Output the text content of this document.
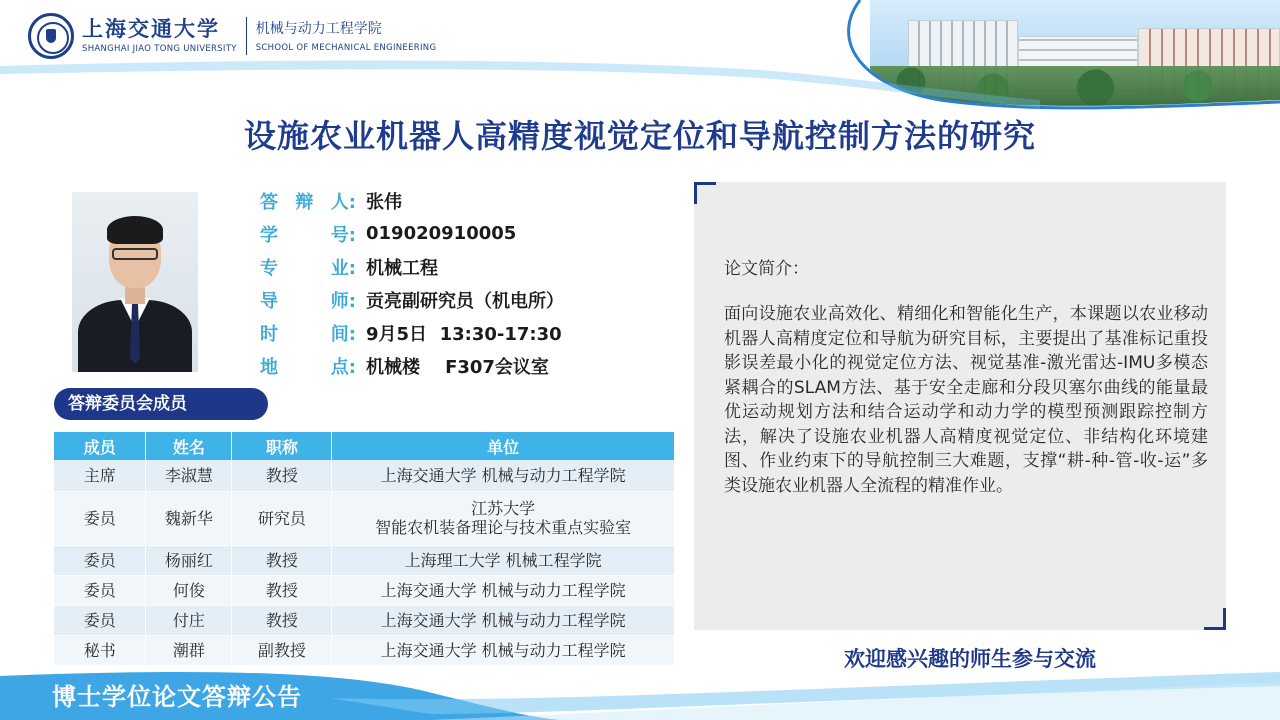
上海交通大学
SHANGHAI JIAO TONG UNIVERSITY
机械与动力工程学院
SCHOOL OF MECHANICAL ENGINEERING
设施农业机器人高精度视觉定位和导航控制方法的研究
答 辩 人: 张伟
学	号: 019020910005
专	业: 机械工程
导	师: 贡亮副研究员（机电所）
时	间: 9月5日  13:30-17:30
地	点: 机械楼    F307会议室
答辩委员会成员
成员	姓名	职称	单位
主席	李淑慧	教授	上海交通大学 机械与动力工程学院
委员	魏新华	研究员	江苏大学
智能农机装备理论与技术重点实验室

委员	杨丽红	教授	上海理工大学 机械工程学院
委员	何俊	教授	上海交通大学 机械与动力工程学院
委员	付庄	教授	上海交通大学 机械与动力工程学院
秘书	潮群	副教授	上海交通大学 机械与动力工程学院
论文简介：
面向设施农业高效化、精细化和智能化生产，本课题以农业移动机器人高精度定位和导航为研究目标，主要提出了基准标记重投影误差最小化的视觉定位方法、视觉基准-激光雷达-IMU多模态紧耦合的SLAM方法、基于安全走廊和分段贝塞尔曲线的能量最优运动规划方法和结合运动学和动力学的模型预测跟踪控制方法，解决了设施农业机器人高精度视觉定位、非结构化环境建图、作业约束下的导航控制三大难题，支撑“耕-种-管-收-运”多类设施农业机器人全流程的精准作业。
欢迎感兴趣的师生参与交流
博士学位论文答辩公告
